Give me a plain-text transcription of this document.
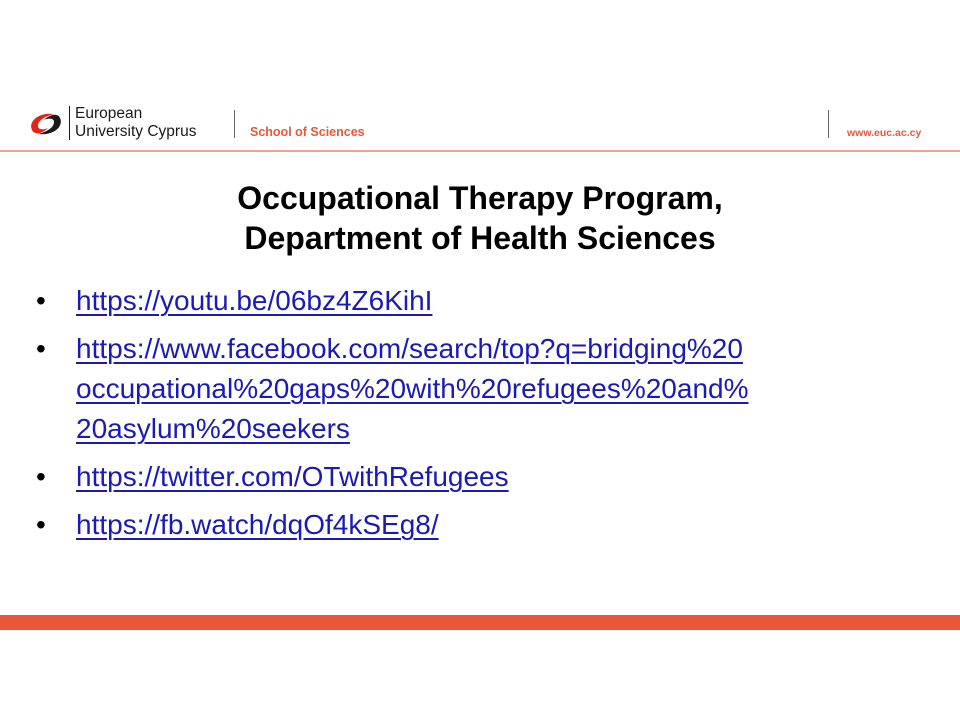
European
University Cyprus	School of Sciences	www.euc.ac.cy
Occupational Therapy Program,
Department of Health Sciences
• https://youtu.be/06bz4Z6KihI
• https://www.facebook.com/search/top?q=bridging%20
occupational%20gaps%20with%20refugees%20and%
20asylum%20seekers
• https://twitter.com/OTwithRefugees
• https://fb.watch/dqOf4kSEg8/
